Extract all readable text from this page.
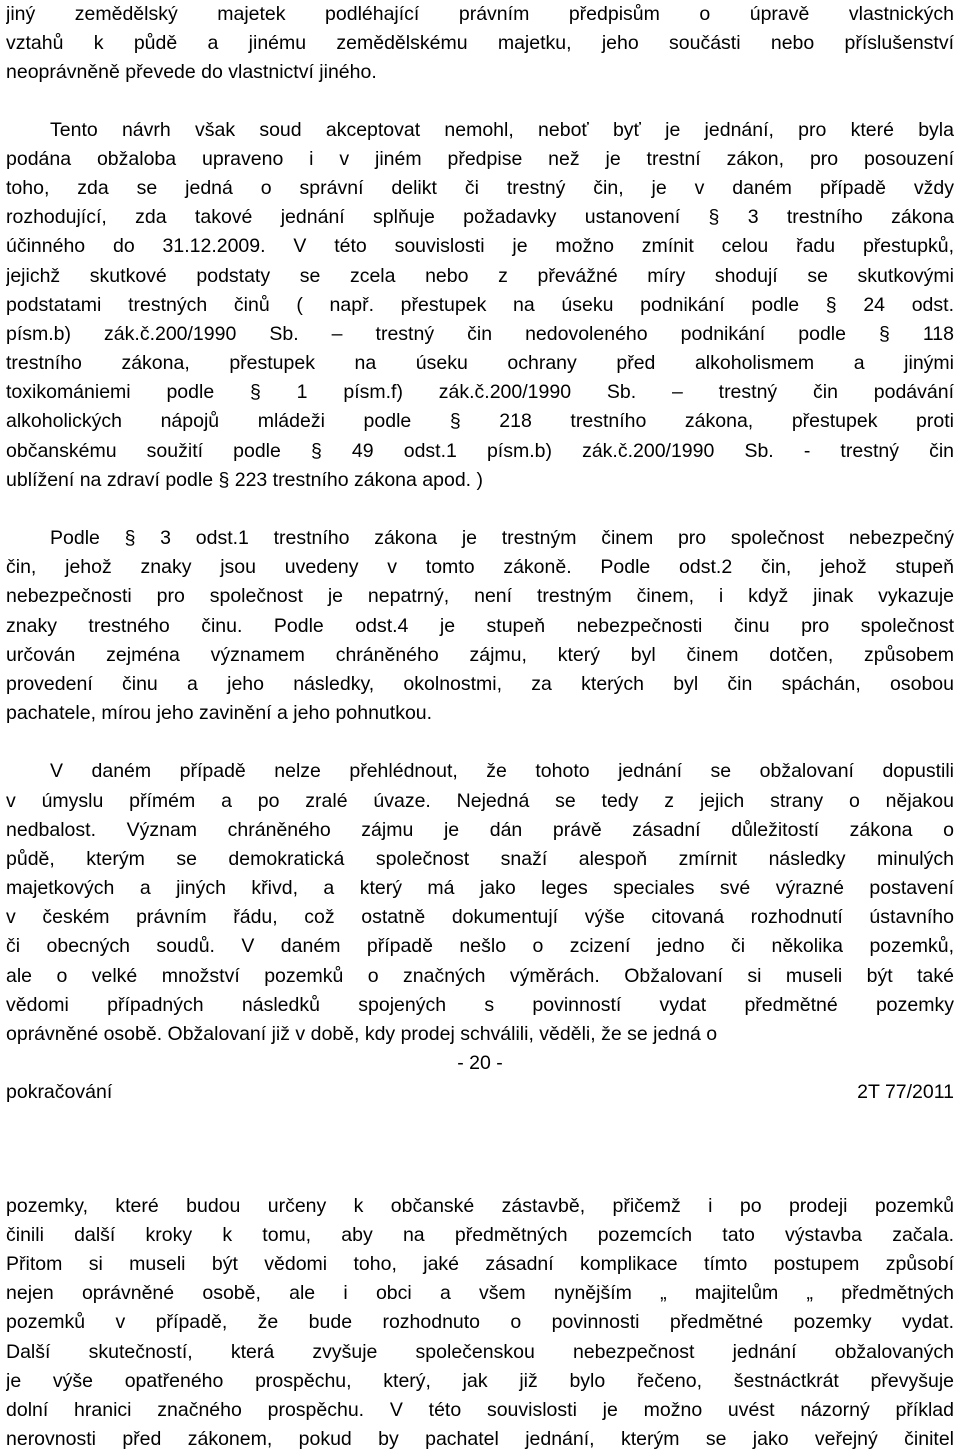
jiný zemědělský majetek podléhající právním předpisům o úpravě vlastnických
vztahů k půdě a jinému zemědělskému majetku, jeho součásti nebo příslušenství
neoprávněně převede do vlastnictví jiného.
Tento návrh však soud akceptovat nemohl, neboť byť je jednání, pro které byla
podána obžaloba upraveno i v jiném předpise než je trestní zákon, pro posouzení
toho, zda se jedná o správní delikt či trestný čin, je v daném případě vždy
rozhodující, zda takové jednání splňuje požadavky ustanovení § 3 trestního zákona
účinného do 31.12.2009. V této souvislosti je možno zmínit celou řadu přestupků,
jejichž skutkové podstaty se zcela nebo z převážné míry shodují se skutkovými
podstatami trestných činů ( např. přestupek na úseku podnikání podle § 24 odst.
písm.b) zák.č.200/1990 Sb. – trestný čin nedovoleného podnikání podle § 118
trestního zákona, přestupek na úseku ochrany před alkoholismem a jinými
toxikomániemi podle § 1 písm.f) zák.č.200/1990 Sb. – trestný čin podávání
alkoholických nápojů mládeži podle § 218 trestního zákona, přestupek proti
občanskému soužití podle § 49 odst.1 písm.b) zák.č.200/1990 Sb. - trestný čin
ublížení na zdraví podle § 223 trestního zákona apod. )
Podle § 3 odst.1 trestního zákona je trestným činem pro společnost nebezpečný
čin, jehož znaky jsou uvedeny v tomto zákoně. Podle odst.2 čin, jehož stupeň
nebezpečnosti pro společnost je nepatrný, není trestným činem, i když jinak vykazuje
znaky trestného činu. Podle odst.4 je stupeň nebezpečnosti činu pro společnost
určován zejména významem chráněného zájmu, který byl činem dotčen, způsobem
provedení činu a jeho následky, okolnostmi, za kterých byl čin spáchán, osobou
pachatele, mírou jeho zavinění a jeho pohnutkou.
V daném případě nelze přehlédnout, že tohoto jednání se obžalovaní dopustili
v úmyslu přímém a po zralé úvaze. Nejedná se tedy z jejich strany o nějakou
nedbalost. Význam chráněného zájmu je dán právě zásadní důležitostí zákona o
půdě, kterým se demokratická společnost snaží alespoň zmírnit následky minulých
majetkových a jiných křivd, a který má jako leges speciales své výrazné postavení
v českém právním řádu, což ostatně dokumentují výše citovaná rozhodnutí ústavního
či obecných soudů. V daném případě nešlo o zcizení jedno či několika pozemků,
ale o velké množství pozemků o značných výměrách. Obžalovaní si museli být také
vědomi případných následků spojených s povinností vydat předmětné pozemky
oprávněné osobě. Obžalovaní již v době, kdy prodej schválili, věděli, že se jedná o
- 20 -
pokračování	2T 77/2011
pozemky, které budou určeny k občanské zástavbě, přičemž i po prodeji pozemků
činili další kroky k tomu, aby na předmětných pozemcích tato výstavba začala.
Přitom si museli být vědomi toho, jaké zásadní komplikace tímto postupem způsobí
nejen oprávněné osobě, ale i obci a všem nynějším „ majitelům „ předmětných
pozemků v případě, že bude rozhodnuto o povinnosti předmětné pozemky vydat.
Další skutečností, která zvyšuje společenskou nebezpečnost jednání obžalovaných
je výše opatřeného prospěchu, který, jak již bylo řečeno, šestnáctkrát převyšuje
dolní hranici značného prospěchu. V této souvislosti je možno uvést názorný příklad
nerovnosti před zákonem, pokud by pachatel jednání, kterým se jako veřejný činitel
